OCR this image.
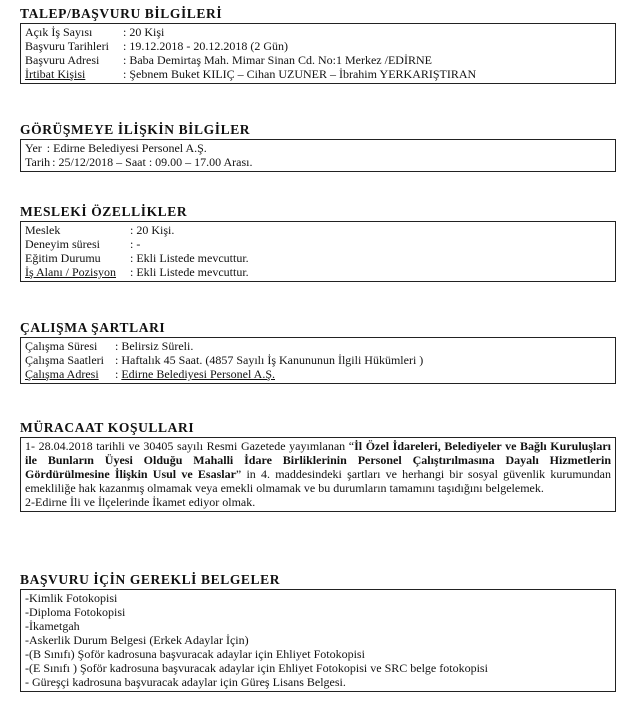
TALEP/BAŞVURU BİLGİLERİ
Açık İş Sayısı	: 20 Kişi
Başvuru Tarihleri	: 19.12.2018 - 20.12.2018 (2 Gün)
Başvuru Adresi	: Baba Demirtaş Mah. Mimar Sinan Cd. No:1 Merkez /EDİRNE
İrtibat Kişisi	: Şebnem Buket KILIÇ – Cihan UZUNER – İbrahim YERKARIŞTIRAN
GÖRÜŞMEYE İLİŞKİN BİLGİLER
Yer : Edirne Belediyesi Personel A.Ş.
Tarih : 25/12/2018 – Saat : 09.00 – 17.00 Arası.
MESLEKİ ÖZELLİKLER
Meslek	: 20 Kişi.
Deneyim süresi	: -
Eğitim Durumu	: Ekli Listede mevcuttur.
İş Alanı / Pozisyon	: Ekli Listede mevcuttur.
ÇALIŞMA ŞARTLARI
Çalışma Süresi	: Belirsiz Süreli.
Çalışma Saatleri : Haftalık 45 Saat. (4857 Sayılı İş Kanununun İlgili Hükümleri )
Çalışma Adresi	: Edirne Belediyesi Personel A.Ş.
MÜRACAAT KOŞULLARI
1- 28.04.2018 tarihli ve 30405 sayılı Resmi Gazetede yayımlanan “İl Özel İdareleri, Belediyeler ve Bağlı Kuruluşları ile Bunların Üyesi Olduğu Mahalli İdare Birliklerinin Personel Çalıştırılmasına Dayalı Hizmetlerin Gördürülmesine İlişkin Usul ve Esaslar” in 4. maddesindeki şartları ve herhangi bir sosyal güvenlik kurumundan emekliliğe hak kazanmış olmamak veya emekli olmamak ve bu durumların tamamını taşıdığını belgelemek.
2-Edirne İli ve İlçelerinde İkamet ediyor olmak.
BAŞVURU İÇİN GEREKLİ BELGELER
-Kimlik Fotokopisi
-Diploma Fotokopisi
-İkametgah
-Askerlik Durum Belgesi (Erkek Adaylar İçin)
-(B Sınıfı) Şoför kadrosuna başvuracak adaylar için Ehliyet Fotokopisi
-(E Sınıfı ) Şoför kadrosuna başvuracak adaylar için Ehliyet Fotokopisi ve SRC belge fotokopisi
- Güreşçi kadrosuna başvuracak adaylar için Güreş Lisans Belgesi.
